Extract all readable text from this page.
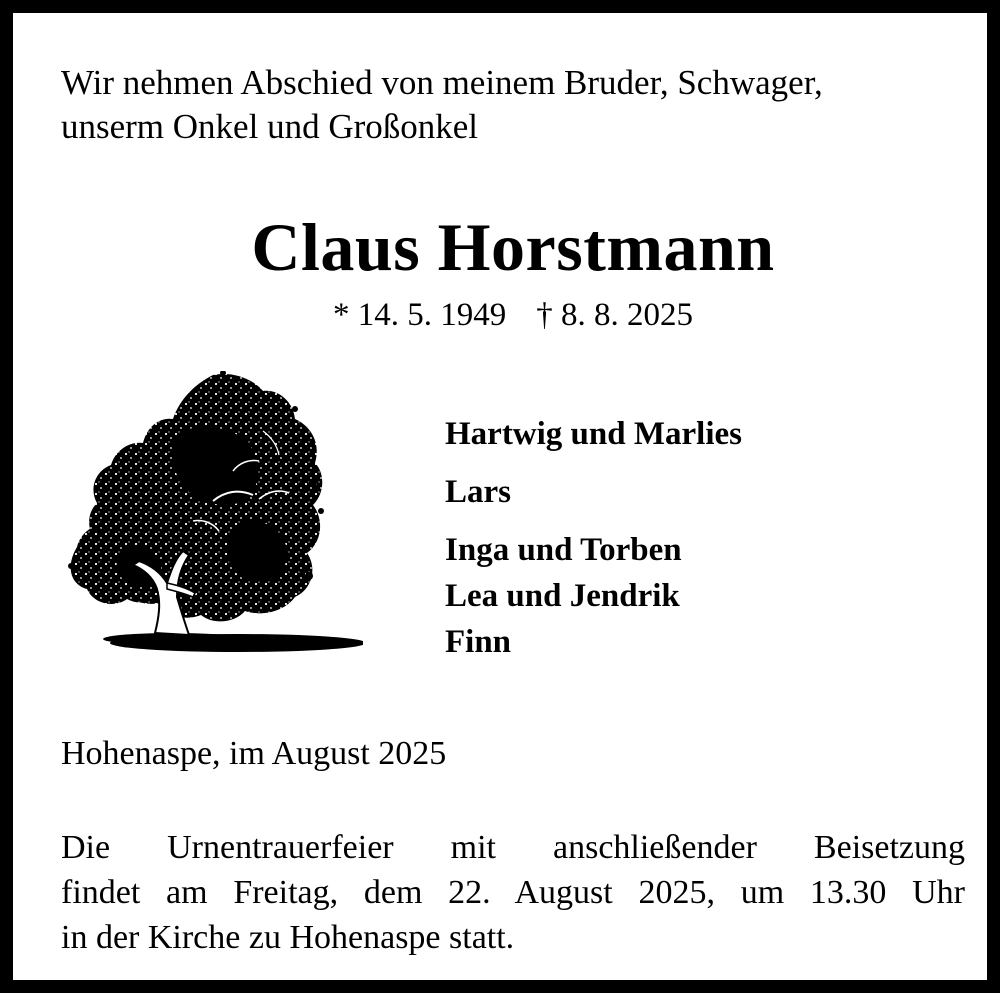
Wir nehmen Abschied von meinem Bruder, Schwager,
unserm Onkel und Großonkel
Claus Horstmann
* 14. 5. 1949 † 8. 8. 2025
Hartwig und Marlies
Lars
Inga und Torben
Lea und Jendrik
Finn
Hohenaspe, im August 2025
Die Urnentrauerfeier mit anschließender Beisetzung
findet am Freitag, dem 22. August 2025, um 13.30 Uhr
in der Kirche zu Hohenaspe statt.
